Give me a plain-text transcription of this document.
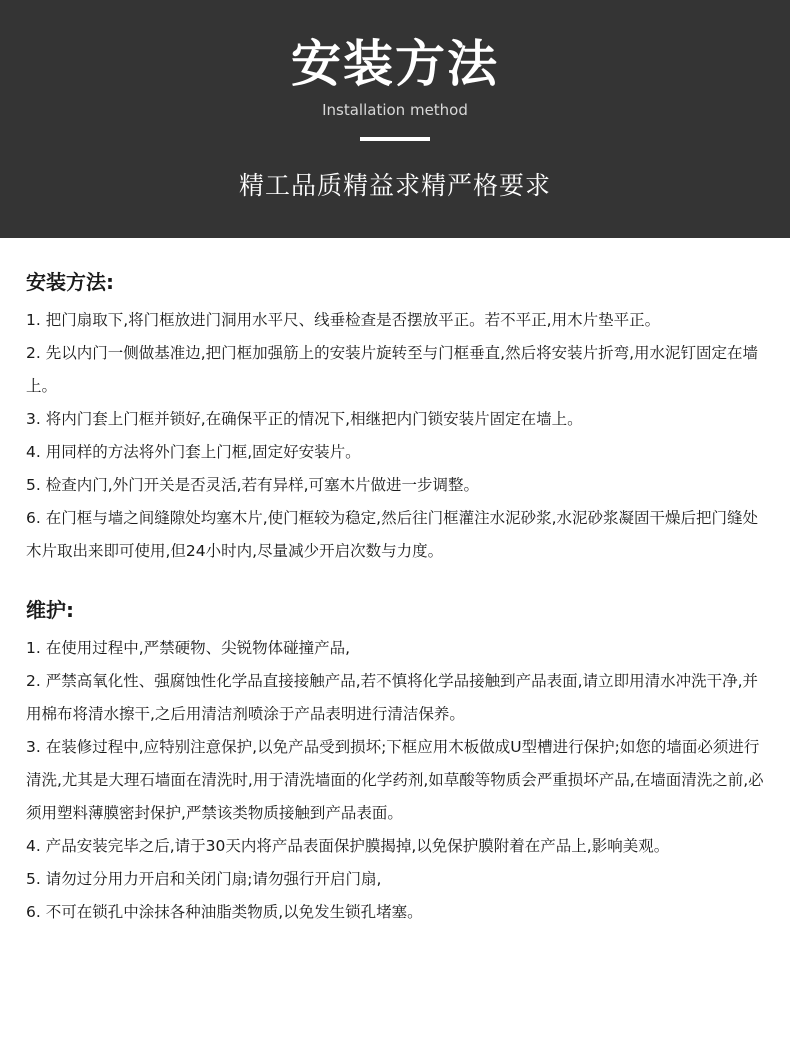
安装方法
Installation method
精工品质精益求精严格要求
安装方法:
1. 把门扇取下,将门框放进门洞用水平尺、线垂检查是否摆放平正。若不平正,用木片垫平正。
2. 先以内门一侧做基准边,把门框加强筋上的安装片旋转至与门框垂直,然后将安装片折弯,用水泥钉固定在墙上。
3. 将内门套上门框并锁好,在确保平正的情况下,相继把内门锁安装片固定在墙上。
4. 用同样的方法将外门套上门框,固定好安装片。
5. 检查内门,外门开关是否灵活,若有异样,可塞木片做进一步调整。
6. 在门框与墙之间缝隙处均塞木片,使门框较为稳定,然后往门框灌注水泥砂浆,水泥砂浆凝固干燥后把门缝处木片取出来即可使用,但24小时内,尽量减少开启次数与力度。
维护:
1. 在使用过程中,严禁硬物、尖锐物体碰撞产品,
2. 严禁高氧化性、强腐蚀性化学品直接接触产品,若不慎将化学品接触到产品表面,请立即用清水冲洗干净,并用棉布将清水擦干,之后用清洁剂喷涂于产品表明进行清洁保养。
3. 在装修过程中,应特别注意保护,以免产品受到损坏;下框应用木板做成U型槽进行保护;如您的墙面必须进行清洗,尤其是大理石墙面在清洗时,用于清洗墙面的化学药剂,如草酸等物质会严重损坏产品,在墙面清洗之前,必须用塑料薄膜密封保护,严禁该类物质接触到产品表面。
4. 产品安装完毕之后,请于30天内将产品表面保护膜揭掉,以免保护膜附着在产品上,影响美观。
5. 请勿过分用力开启和关闭门扇;请勿强行开启门扇,
6. 不可在锁孔中涂抹各种油脂类物质,以免发生锁孔堵塞。
